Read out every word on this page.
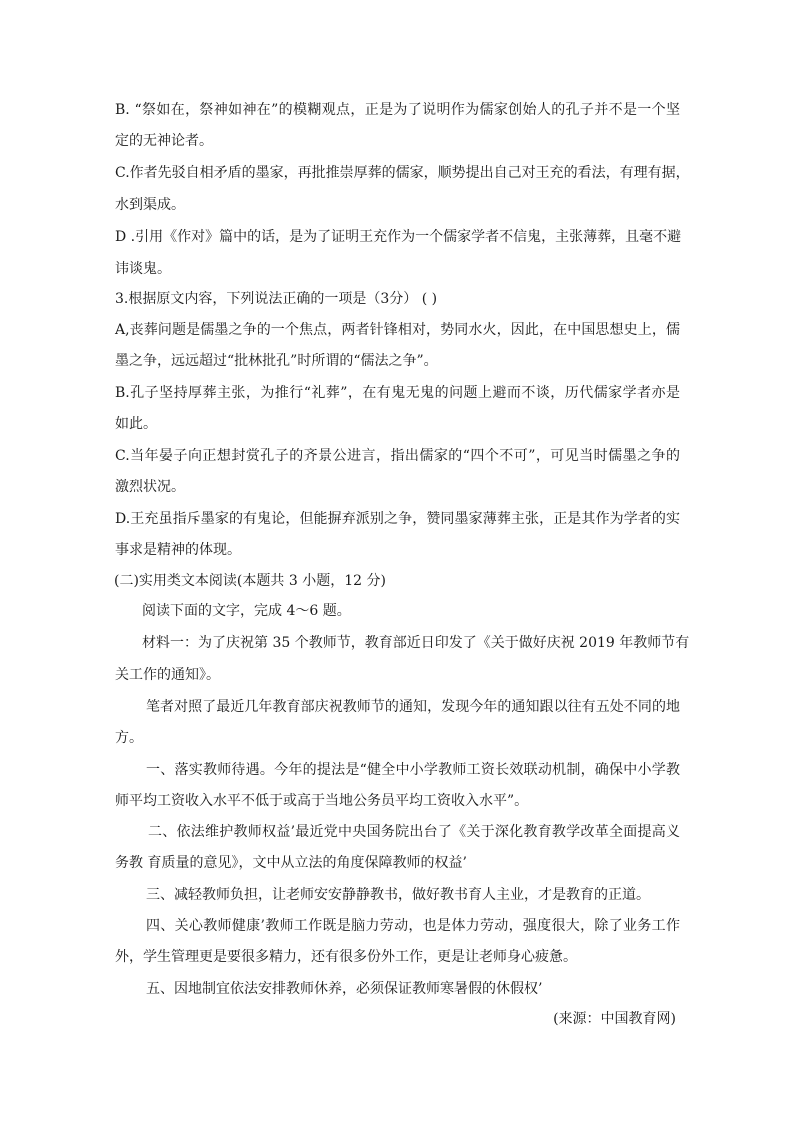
B. “祭如在，祭神如神在”的模糊观点，正是为了说明作为儒家创始人的孔子并不是一个坚
定的无神论者。
C.作者先驳自相矛盾的墨家，再批推崇厚葬的儒家，顺势提出自己对王充的看法，有理有据，
水到渠成。
D .引用《作对》篇中的话，是为了证明王充作为一个儒家学者不信鬼，主张薄葬，且毫不避
讳谈鬼。
3.根据原文内容，下列说法正确的一项是（3分） ( )
A,丧葬问题是儒墨之争的一个焦点，两者针锋相对，势同水火，因此，在中国思想史上，儒
墨之争，远远超过“批林批孔”时所谓的“儒法之争”。
B.孔子坚持厚葬主张，为推行“礼葬”，在有鬼无鬼的问题上避而不谈，历代儒家学者亦是
如此。
C.当年晏子向正想封赏孔子的齐景公进言，指出儒家的“四个不可”，可见当时儒墨之争的
激烈状况。
D.王充虽指斥墨家的有鬼论，但能摒弃派别之争，赞同墨家薄葬主张，正是其作为学者的实
事求是精神的体现。
(二)实用类文本阅读(本题共 3 小题，12 分)
阅读下面的文字，完成 4～6 题。
材料一：为了庆祝第 35 个教师节，教育部近日印发了《关于做好庆祝 2019 年教师节有
关工作的通知》。
笔者对照了最近几年教育部庆祝教师节的通知，发现今年的通知跟以往有五处不同的地
方。
一、落实教师待遇。今年的提法是“健全中小学教师工资长效联动机制，确保中小学教
师平均工资收入水平不低于或高于当地公务员平均工资收入水平”。
二、依法维护教师权益’最近党中央国务院出台了《关于深化教育教学改革全面提高义
务教 育质量的意见》，文中从立法的角度保障教师的权益’
三、减轻教师负担，让老师安安静静教书，做好教书育人主业，才是教育的正道。
四、关心教师健康’教师工作既是脑力劳动，也是体力劳动，强度很大，除了业务工作
外，学生管理更是要很多精力，还有很多份外工作，更是让老师身心疲惫。
五、因地制宜依法安排教师休养，必须保证教师寒暑假的休假权’
(来源：中国教育网)
